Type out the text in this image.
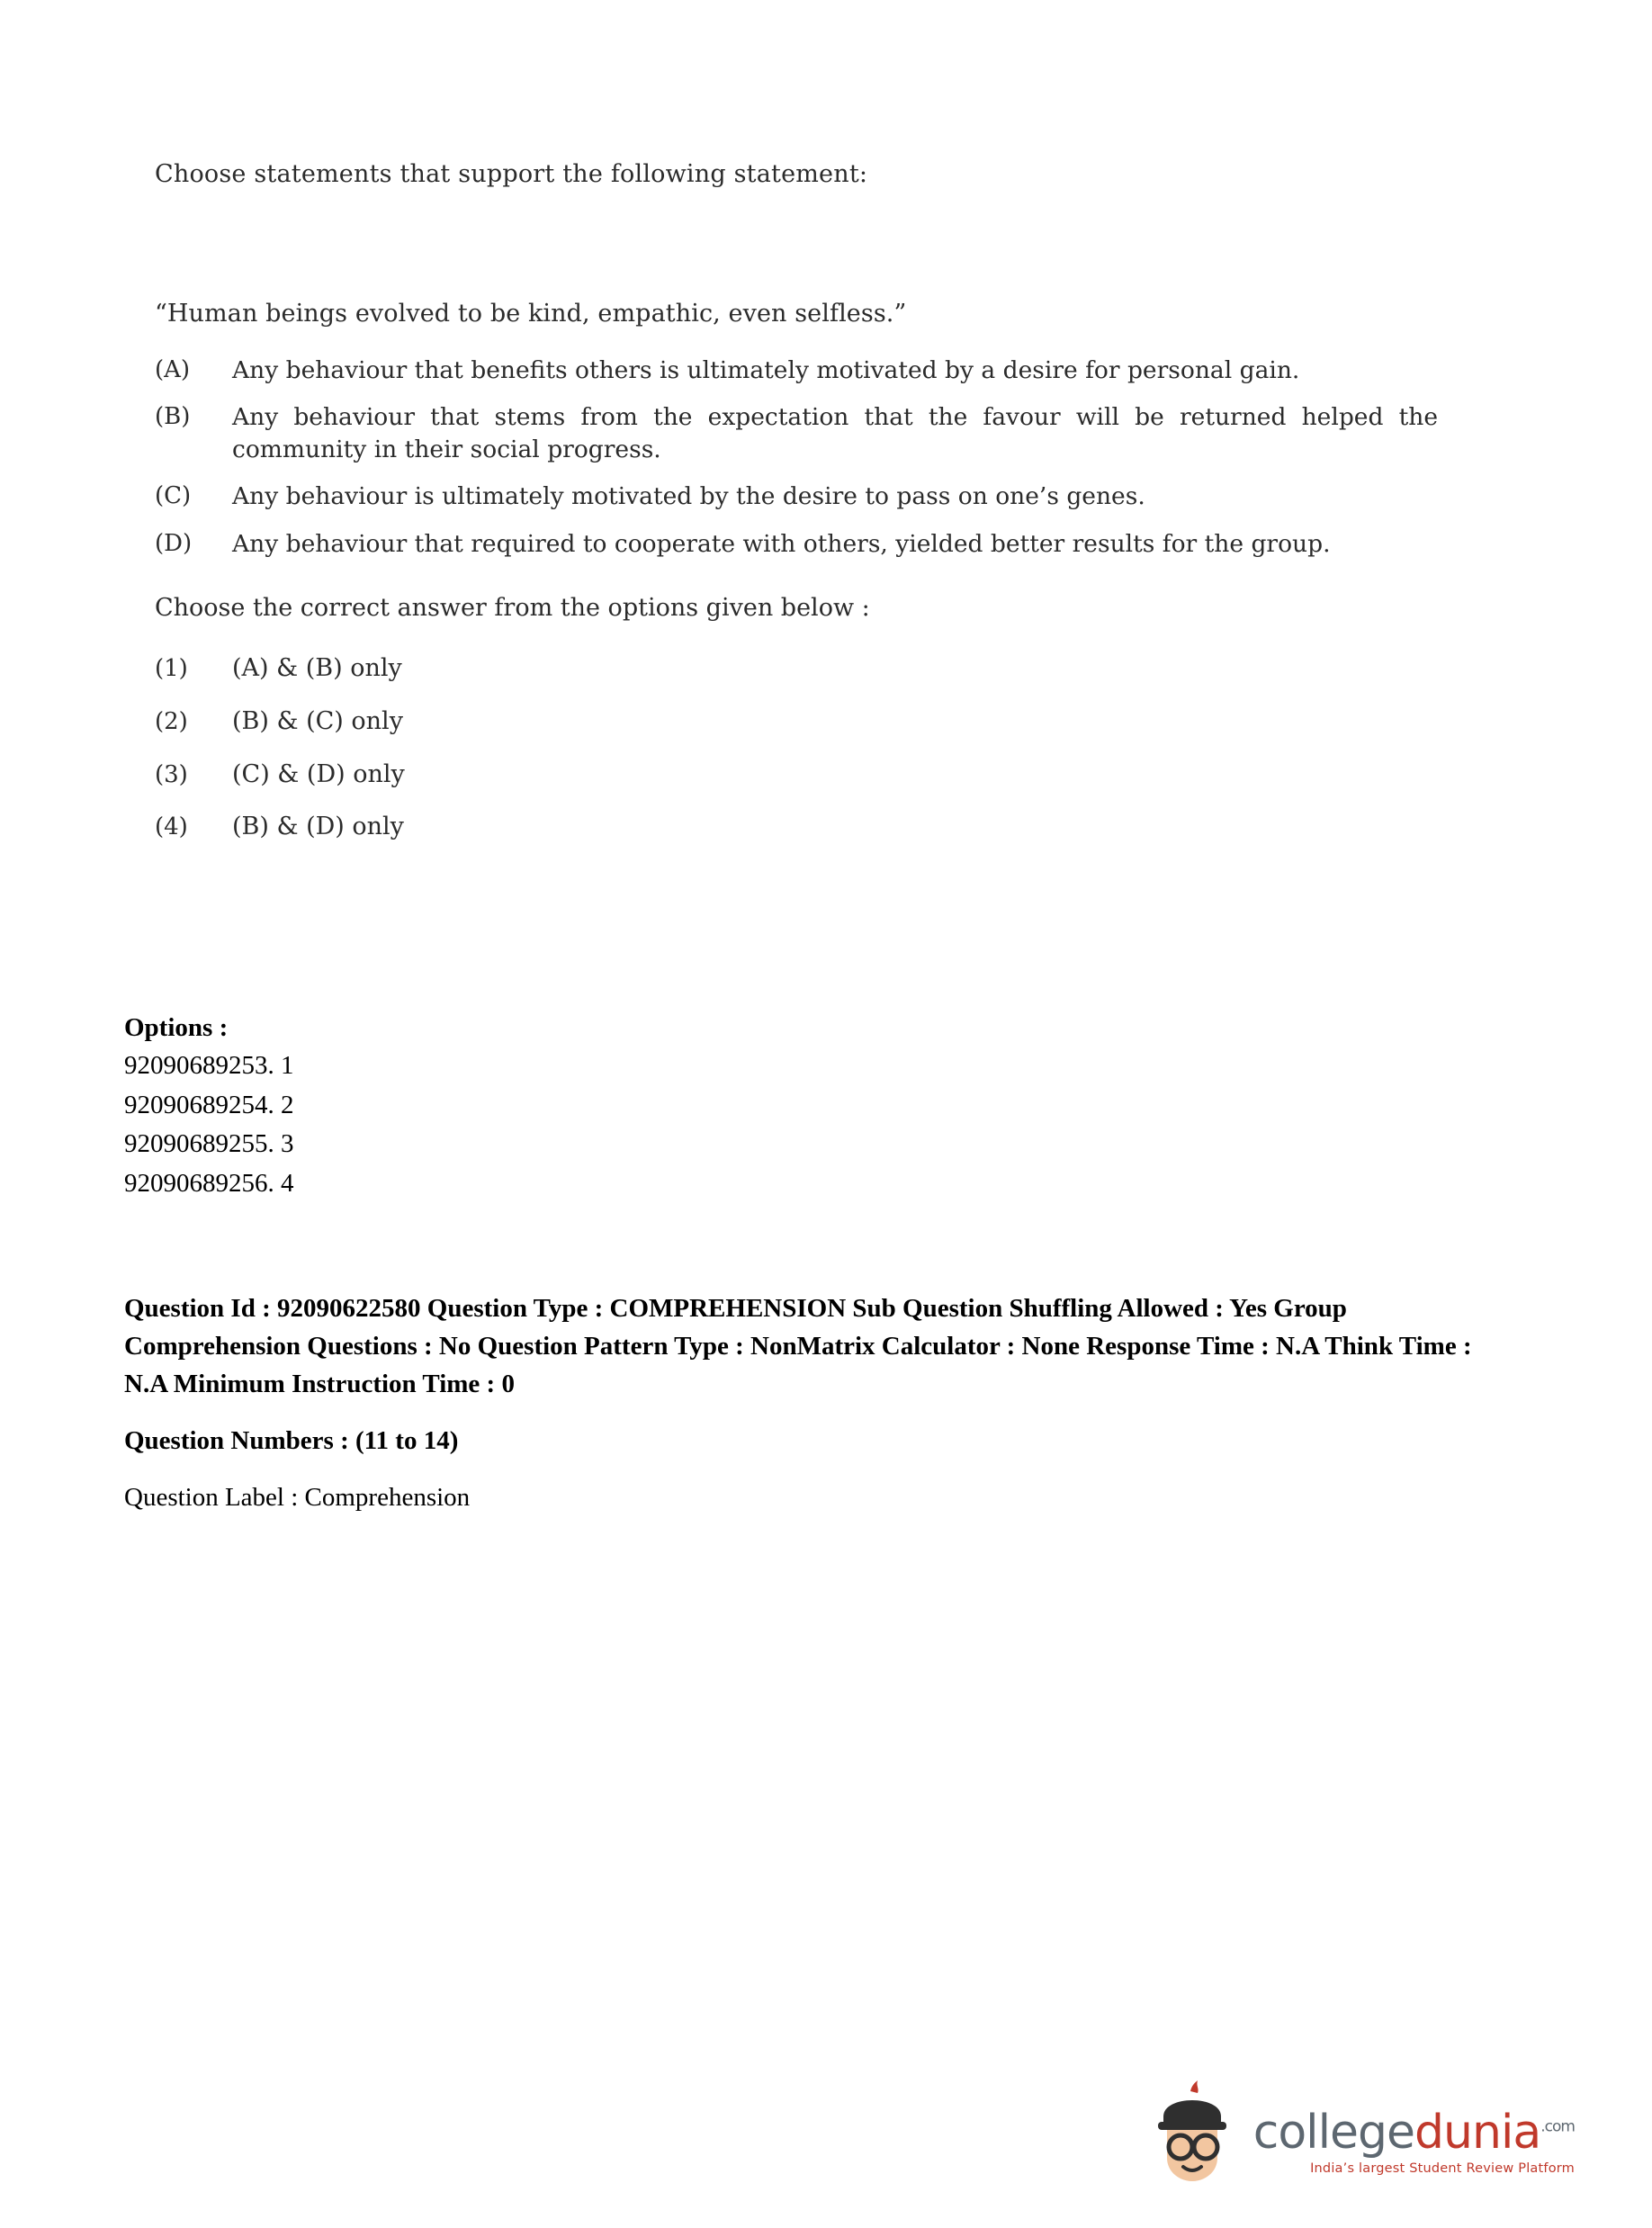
Choose statements that support the following statement:
“Human beings evolved to be kind, empathic, even selfless.”
(A)	Any behaviour that benefits others is ultimately motivated by a desire for personal gain.
(B)	Any behaviour that stems from the expectation that the favour will be returned helped the community in their social progress.
(C)	Any behaviour is ultimately motivated by the desire to pass on one’s genes.
(D)	Any behaviour that required to cooperate with others, yielded better results for the group.
Choose the correct answer from the options given below :
(1)	(A) & (B) only
(2)	(B) & (C) only
(3)	(C) & (D) only
(4)	(B) & (D) only
Options :
92090689253. 1
92090689254. 2
92090689255. 3
92090689256. 4
Question Id : 92090622580 Question Type : COMPREHENSION Sub Question Shuffling Allowed : Yes Group Comprehension Questions : No Question Pattern Type : NonMatrix Calculator : None Response Time : N.A Think Time : N.A Minimum Instruction Time : 0
Question Numbers : (11 to 14)
Question Label : Comprehension
collegedunia$^{.com}$
India’s largest Student Review Platform
